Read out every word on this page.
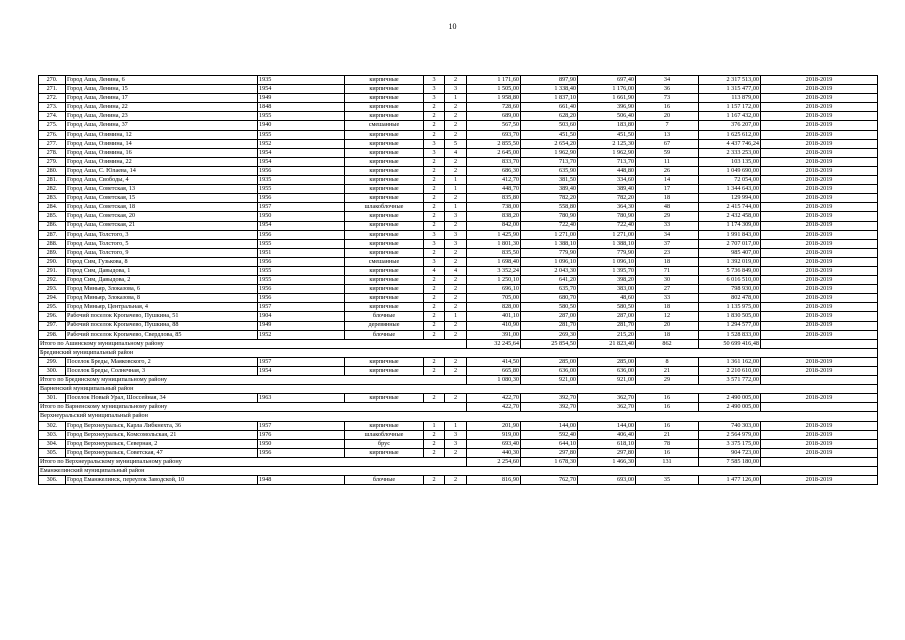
10
270.	Город Аша, Ленина, 6	1935	кирпичные	3	2	1 171,60	897,90	697,40	34	2 317 513,00	2018-2019
271.	Город Аша, Ленина, 15	1954	кирпичные	3	3	1 505,00	1 338,40	1 176,00	36	1 315 477,00	2018-2019
272.	Город Аша, Ленина, 17	1949	кирпичные	3	1	1 958,80	1 837,10	1 661,90	73	113 879,00	2018-2019
273.	Город Аша, Ленина, 22	1848	кирпичные	2	2	728,60	661,40	396,90	16	1 157 172,00	2018-2019
274.	Город Аша, Ленина, 23	1955	кирпичные	2	2	689,00	628,20	506,40	20	1 167 432,00	2018-2019
275.	Город Аша, Ленина, 37	1940	смешанные	2	2	567,50	503,60	183,80	7	376 207,00	2018-2019
276.	Город Аша, Озимина, 12	1955	кирпичные	2	2	693,70	451,50	451,50	13	1 625 612,00	2018-2019
277.	Город Аша, Озимина, 14	1952	кирпичные	3	5	2 855,50	2 654,20	2 125,30	67	4 437 746,24	2018-2019
278.	Город Аша, Озимина, 16	1954	кирпичные	3	4	2 645,00	1 962,90	1 962,90	59	2 333 253,00	2018-2019
279.	Город Аша, Озимина, 22	1954	кирпичные	2	2	833,70	713,70	713,70	11	103 135,00	2018-2019
280.	Город Аша, С. Юлаева, 14	1956	кирпичные	2	2	686,30	635,90	448,80	26	1 049 690,00	2018-2019
281.	Город Аша, Свободы, 4	1935	кирпичные	2	1	412,70	381,50	334,60	14	72 054,00	2018-2019
282.	Город Аша, Советская, 13	1955	кирпичные	2	1	448,70	389,40	389,40	17	1 344 643,00	2018-2019
283.	Город Аша, Советская, 15	1956	кирпичные	2	2	835,80	782,20	782,20	18	129 994,00	2018-2019
284.	Город Аша, Советская, 18	1957	шлакоблочные	2	1	738,00	558,80	364,30	48	2 415 744,00	2018-2019
285.	Город Аша, Советская, 20	1950	кирпичные	2	3	838,20	780,90	780,90	29	2 432 458,00	2018-2019
286.	Город Аша, Советская, 21	1954	кирпичные	2	2	842,00	722,40	722,40	33	1 174 309,00	2018-2019
287.	Город Аша, Толстого, 3	1956	кирпичные	3	3	1 425,90	1 271,00	1 271,00	34	1 991 843,00	2018-2019
288.	Город Аша, Толстого, 5	1955	кирпичные	3	3	1 801,30	1 388,10	1 388,10	37	2 707 017,00	2018-2019
289.	Город Аша, Толстого, 9	1951	кирпичные	2	2	835,50	779,90	779,90	23	985 407,00	2018-2019
290.	Город Сим, Гузькова, 8	1956	смешанные	3	2	1 698,40	1 096,10	1 096,10	18	1 392 019,00	2018-2019
291.	Город Сим, Давыдова, 1	1955	кирпичные	4	4	3 352,24	2 043,30	1 395,70	71	5 736 849,00	2018-2019
292.	Город Сим, Давыдова, 2	1955	кирпичные	2	2	1 250,10	641,20	398,20	30	6 016 510,00	2018-2019
293.	Город Миньяр, Злоказова, 6	1956	кирпичные	2	2	696,10	635,70	383,00	27	798 930,00	2018-2019
294.	Город Миньяр, Злоказова, 8	1956	кирпичные	2	2	705,00	680,70	48,60	33	802 478,00	2018-2019
295.	Город Миньяр, Центральная, 4	1957	кирпичные	2	2	828,00	580,50	580,50	18	1 135 975,00	2018-2019
296.	Рабочий поселок Кропачево, Пушкина, 51	1904	блочные	2	1	401,10	287,00	287,00	12	1 830 505,00	2018-2019
297.	Рабочий поселок Кропачево, Пушкина, 88	1949	деревянные	2	2	410,90	281,70	281,70	20	1 294 577,00	2018-2019
298.	Рабочий поселок Кропачево, Свердлова, 85	1952	блочные	2	2	391,00	269,30	215,20	18	1 528 833,00	2018-2019
Итого по Ашинскому муниципальному району						32 245,64	25 854,50	21 823,40	862	50 699 416,48	
Брединский муниципальный район											
299.	Поселок Бреды, Маяковского, 2	1957	кирпичные	2	2	414,50	285,00	285,00	8	1 361 162,00	2018-2019
300.	Поселок Бреды, Солнечная, 3	1954	кирпичные	2	2	665,80	636,00	636,00	21	2 210 610,00	2018-2019
Итого по Брединскому муниципальному району						1 080,30	921,00	921,00	29	3 571 772,00	
Варненский муниципальный район											
301.	Поселок Новый Урал, Шоссейная, 34	1963	кирпичные	2	2	422,70	392,70	362,70	16	2 490 005,00	2018-2019
Итого по Варненскому муниципальному району						422,70	392,70	362,70	16	2 490 005,00	
Верхнеуральский муниципальный район											
302.	Город Верхнеуральск, Карла Либкнехта, 36	1957	кирпичные	1	1	201,90	144,00	144,00	16	740 303,00	2018-2019
303.	Город Верхнеуральск, Комсомольская, 21	1976	шлакоблочные	2	3	919,00	592,40	406,40	21	2 564 979,00	2018-2019
304.	Город Верхнеуральск, Северная, 2	1950	брус	2	3	693,40	644,10	618,10	78	3 375 175,00	2018-2019
305.	Город Верхнеуральск, Советская, 47	1956	кирпичные	2	2	440,30	297,80	297,80	16	904 723,00	2018-2019
Итого по Верхнеуральскому муниципальному району						2 254,60	1 678,30	1 466,30	131	7 585 180,00	
Еманжелинский муниципальный район											
306.	Город Еманжелинск, переулок Заводской, 10	1948	блочные	2	2	816,90	762,70	693,00	35	1 477 126,00	2018-2019
